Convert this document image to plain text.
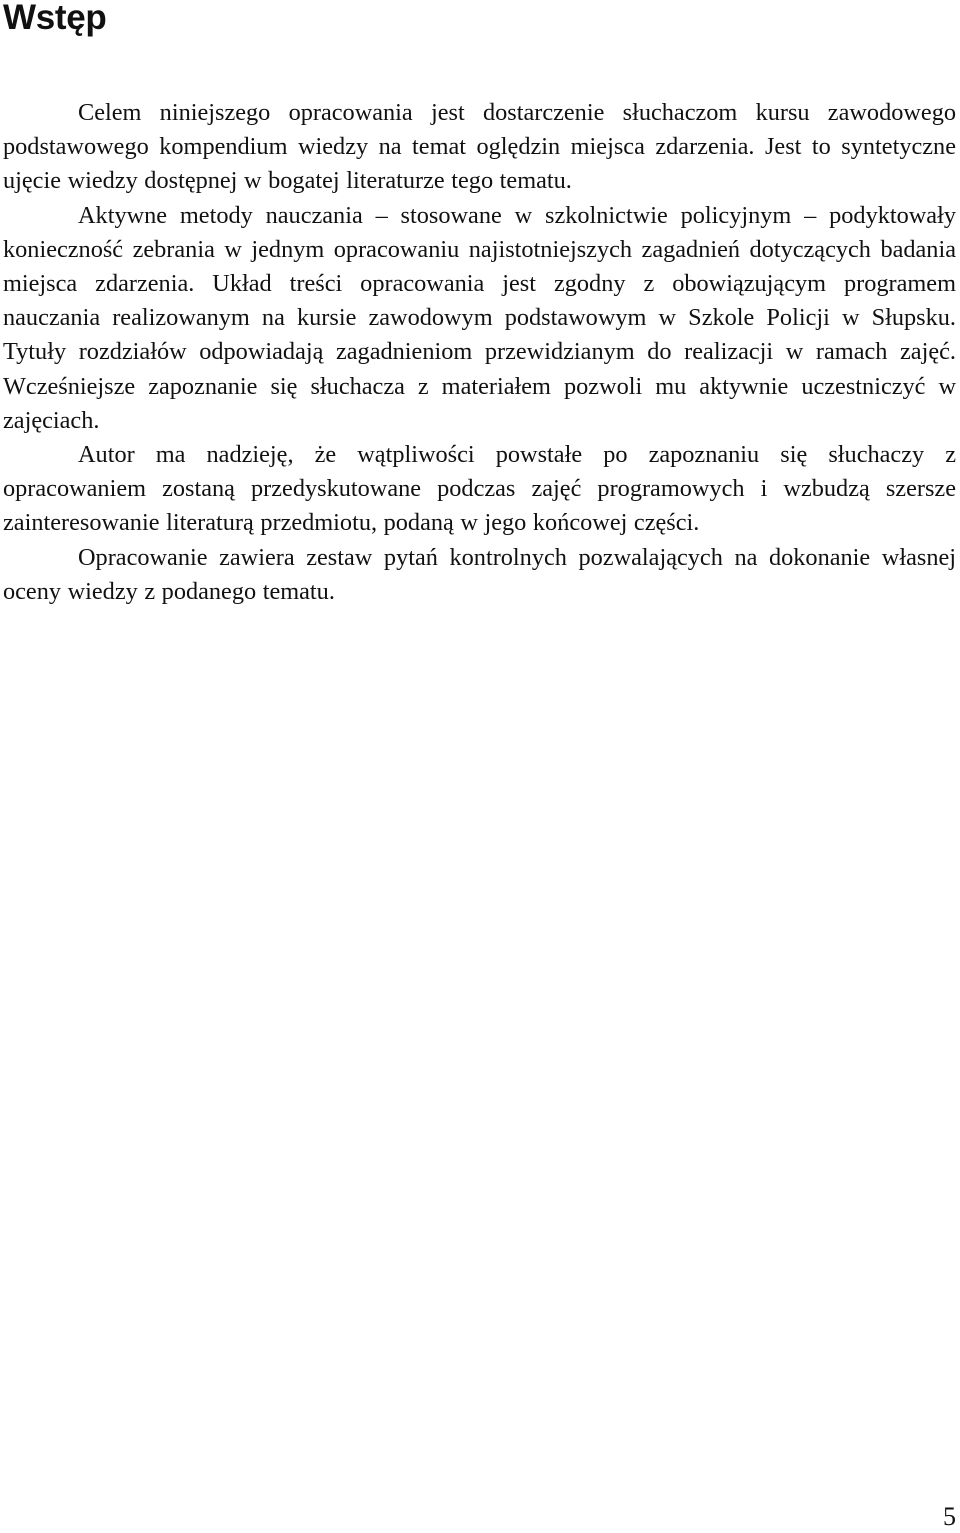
Wstęp

Celem niniejszego opracowania jest dostarczenie słuchaczom kursu zawodowego podstawowego kompendium wiedzy na temat oględzin miejsca zdarzenia. Jest to syntetyczne ujęcie wiedzy dostępnej w bogatej literaturze tego tematu.

Aktywne metody nauczania – stosowane w szkolnictwie policyjnym – podyktowały konieczność zebrania w jednym opracowaniu najistotniejszych zagadnień dotyczących badania miejsca zdarzenia. Układ treści opracowania jest zgodny z obowiązującym programem nauczania realizowanym na kursie zawodowym podstawowym w Szkole Policji w Słupsku. Tytuły rozdziałów odpowiadają zagadnieniom przewidzianym do realizacji w ramach zajęć. Wcześniejsze zapoznanie się słuchacza z materiałem pozwoli mu aktywnie uczestniczyć w zajęciach.

Autor ma nadzieję, że wątpliwości powstałe po zapoznaniu się słuchaczy z opracowaniem zostaną przedyskutowane podczas zajęć programowych i wzbudzą szersze zainteresowanie literaturą przedmiotu, podaną w jego końcowej części.

Opracowanie zawiera zestaw pytań kontrolnych pozwalających na dokonanie własnej oceny wiedzy z podanego tematu.

5
